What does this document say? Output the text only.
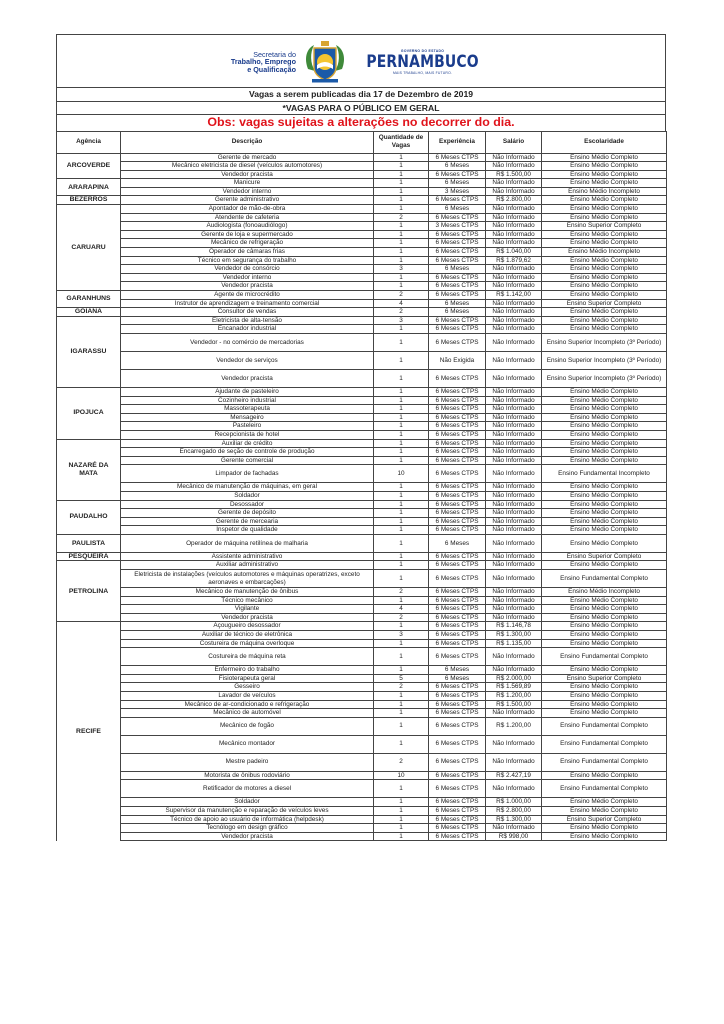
Secretaria do
Trabalho, Emprego
e Qualificação
GOVERNO DO ESTADO
PERNAMBUCO
MAIS TRABALHO, MAIS FUTURO.
Vagas a serem publicadas dia 17 de Dezembro de 2019
*VAGAS PARA O PÚBLICO EM GERAL
Obs: vagas sujeitas a alterações no decorrer do dia.
Agência	Descrição	Quantidade de Vagas	Experiência	Salário	Escolaridade
ARCOVERDE	Gerente de mercado	1	6 Meses CTPS	Não Informado	Ensino Médio Completo
	Mecânico eletricista de diesel (veículos automotores)	1	6 Meses	Não Informado	Ensino Médio Completo
	Vendedor pracista	1	6 Meses CTPS	R$ 1.500,00	Ensino Médio Completo
ARARAPINA	Manicure	1	6 Meses	Não Informado	Ensino Médio Completo
	Vendedor interno	1	3 Meses	Não Informado	Ensino Médio Incompleto
BEZERROS	Gerente administrativo	1	6 Meses CTPS	R$ 2.800,00	Ensino Médio Completo
CARUARU	Apontador de mão-de-obra	1	6 Meses	Não Informado	Ensino Médio Completo
	Atendente de cafeteria	2	6 Meses CTPS	Não Informado	Ensino Médio Completo
	Audiologista (fonoaudiólogo)	1	3 Meses CTPS	Não Informado	Ensino Superior Completo
	Gerente de loja e supermercado	1	6 Meses CTPS	Não Informado	Ensino Médio Completo
	Mecânico de refrigeração	1	6 Meses CTPS	Não Informado	Ensino Médio Completo
	Operador de câmaras frias	1	6 Meses CTPS	R$ 1.040,00	Ensino Médio Incompleto
	Técnico em segurança do trabalho	1	6 Meses CTPS	R$ 1.879,62	Ensino Médio Completo
	Vendedor de consórcio	3	6 Meses	Não Informado	Ensino Médio Completo
	Vendedor interno	1	6 Meses CTPS	Não Informado	Ensino Médio Completo
	Vendedor pracista	1	6 Meses CTPS	Não Informado	Ensino Médio Completo
GARANHUNS	Agente de microcrédito	2	6 Meses CTPS	R$ 1.142,00	Ensino Médio Completo
	Instrutor de aprendizagem e treinamento comercial	4	6 Meses	Não Informado	Ensino Superior Completo
GOIANA	Consultor de vendas	2	6 Meses	Não Informado	Ensino Médio Completo
IGARASSU	Eletricista de alta-tensão	3	6 Meses CTPS	Não Informado	Ensino Médio Completo
	Encanador industrial	1	6 Meses CTPS	Não Informado	Ensino Médio Completo
	Vendedor - no comércio de mercadorias	1	6 Meses CTPS	Não Informado	Ensino Superior Incompleto (3º Período)
	Vendedor de serviços	1	Não Exigida	Não Informado	Ensino Superior Incompleto (3º Período)
	Vendedor pracista	1	6 Meses CTPS	Não Informado	Ensino Superior Incompleto (3º Período)
IPOJUCA	Ajudante de pasteleiro	1	6 Meses CTPS	Não Informado	Ensino Médio Completo
	Cozinheiro industrial	1	6 Meses CTPS	Não Informado	Ensino Médio Completo
	Massoterapeuta	1	6 Meses CTPS	Não Informado	Ensino Médio Completo
	Mensageiro	1	6 Meses CTPS	Não Informado	Ensino Médio Completo
	Pasteleiro	1	6 Meses CTPS	Não Informado	Ensino Médio Completo
	Recepcionista de hotel	1	6 Meses CTPS	Não Informado	Ensino Médio Completo
NAZARÉ DA MATA	Auxiliar de crédito	1	6 Meses CTPS	Não Informado	Ensino Médio Completo
	Encarregado de seção de controle de produção	1	6 Meses CTPS	Não Informado	Ensino Médio Completo
	Gerente comercial	1	6 Meses CTPS	Não Informado	Ensino Médio Completo
	Limpador de fachadas	10	6 Meses CTPS	Não Informado	Ensino Fundamental Incompleto
	Mecânico de manutenção de máquinas, em geral	1	6 Meses CTPS	Não Informado	Ensino Médio Completo
	Soldador	1	6 Meses CTPS	Não Informado	Ensino Médio Completo
PAUDALHO	Desossador	1	6 Meses CTPS	Não Informado	Ensino Médio Completo
	Gerente de depósito	1	6 Meses CTPS	Não Informado	Ensino Médio Completo
	Gerente de mercearia	1	6 Meses CTPS	Não Informado	Ensino Médio Completo
	Inspetor de qualidade	1	6 Meses CTPS	Não Informado	Ensino Médio Completo
PAULISTA	Operador de máquina retilínea de malharia	1	6 Meses	Não Informado	Ensino Médio Completo
PESQUEIRA	Assistente administrativo	1	6 Meses CTPS	Não Informado	Ensino Superior Completo
PETROLINA	Auxiliar administrativo	1	6 Meses CTPS	Não Informado	Ensino Médio Completo
	Eletricista de instalações (veículos automotores e máquinas operatrizes, exceto aeronaves e embarcações)	1	6 Meses CTPS	Não Informado	Ensino Fundamental Completo
	Mecânico de manutenção de ônibus	2	6 Meses CTPS	Não Informado	Ensino Médio Incompleto
	Técnico mecânico	1	6 Meses CTPS	Não Informado	Ensino Médio Completo
	Vigilante	4	6 Meses CTPS	Não Informado	Ensino Médio Completo
	Vendedor pracista	2	6 Meses CTPS	Não Informado	Ensino Médio Completo
RECIFE	Açougueiro desossador	1	6 Meses CTPS	R$ 1.146,78	Ensino Médio Completo
	Auxiliar de técnico de eletrônica	3	6 Meses CTPS	R$ 1.300,00	Ensino Médio Completo
	Costureira de máquina overloque	1	6 Meses CTPS	R$ 1.135,00	Ensino Médio Completo
	Costureira de máquina reta	1	6 Meses CTPS	Não Informado	Ensino Fundamental Completo
	Enfermeiro do trabalho	1	6 Meses	Não Informado	Ensino Médio Completo
	Fisioterapeuta geral	5	6 Meses	R$ 2.000,00	Ensino Superior Completo
	Gesseiro	2	6 Meses CTPS	R$ 1.569,89	Ensino Médio Completo
	Lavador de veículos	1	6 Meses CTPS	R$ 1.200,00	Ensino Médio Completo
	Mecânico de ar-condicionado e refrigeração	1	6 Meses CTPS	R$ 1.500,00	Ensino Médio Completo
	Mecânico de automóvel	1	6 Meses CTPS	Não Informado	Ensino Médio Completo
	Mecânico de fogão	1	6 Meses CTPS	R$ 1.200,00	Ensino Fundamental Completo
	Mecânico montador	1	6 Meses CTPS	Não Informado	Ensino Fundamental Completo
	Mestre padeiro	2	6 Meses CTPS	Não Informado	Ensino Fundamental Completo
	Motorista de ônibus rodoviário	10	6 Meses CTPS	R$ 2.427,19	Ensino Médio Completo
	Retificador de motores a diesel	1	6 Meses CTPS	Não Informado	Ensino Fundamental Completo
	Soldador	1	6 Meses CTPS	R$ 1.000,00	Ensino Médio Completo
	Supervisor da manutenção e reparação de veículos leves	1	6 Meses CTPS	R$ 2.800,00	Ensino Médio Completo
	Técnico de apoio ao usuário de informática (helpdesk)	1	6 Meses CTPS	R$ 1.300,00	Ensino Superior Completo
	Tecnólogo em design gráfico	1	6 Meses CTPS	Não Informado	Ensino Médio Completo
	Vendedor pracista	1	6 Meses CTPS	R$ 998,00	Ensino Médio Completo
